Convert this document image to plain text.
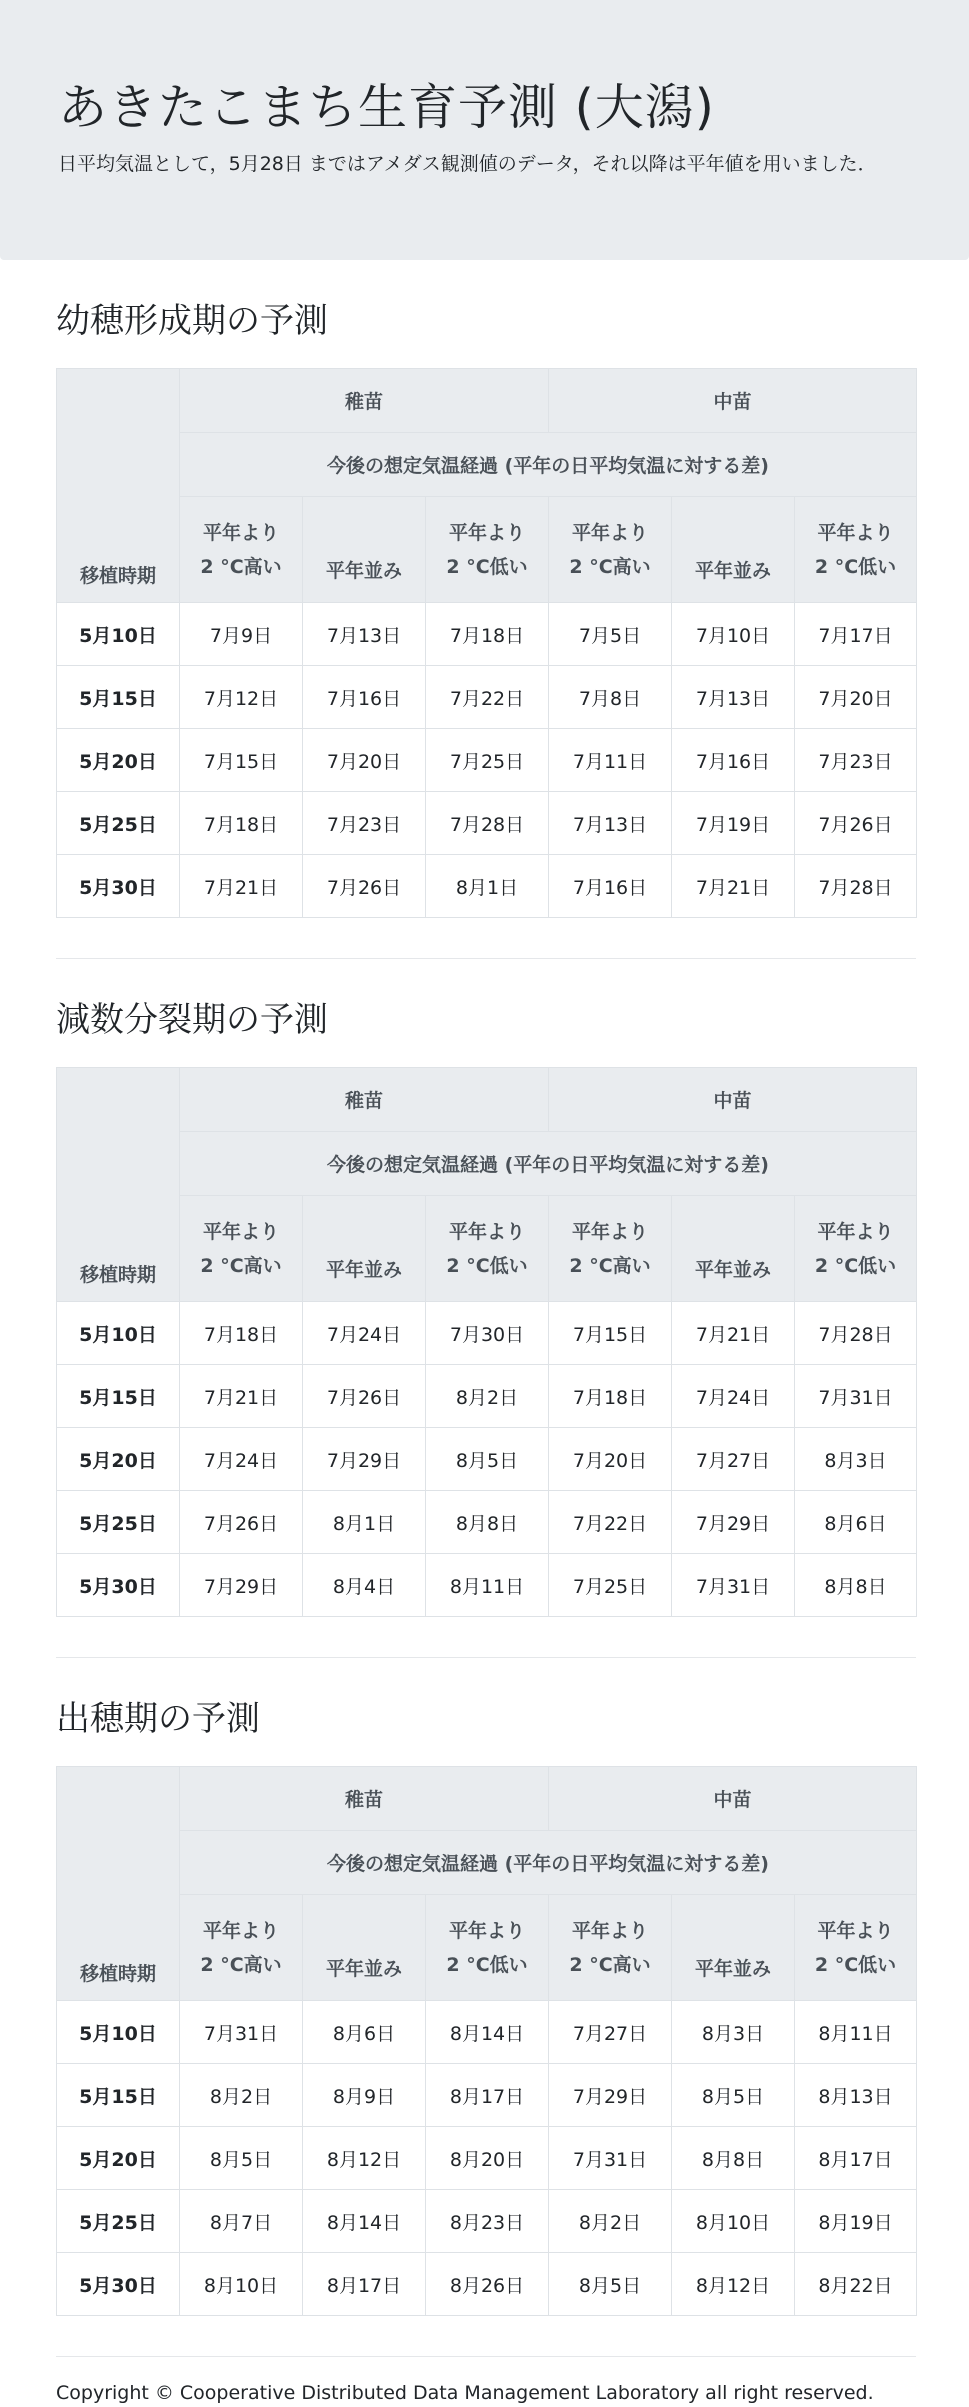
あきたこまち生育予測 (大潟)

日平均気温として，5月28日 まではアメダス観測値のデータ，それ以降は平年値を用いました．

幼穂形成期の予測
移植時期	稚苗			中苗		
	今後の想定気温経過 (平年の日平均気温に対する差)					
	平年より
2 °C高い	平年並み	平年より
2 °C低い	平年より
2 °C高い	平年並み	平年より
2 °C低い
5月10日	7月9日	7月13日	7月18日	7月5日	7月10日	7月17日
5月15日	7月12日	7月16日	7月22日	7月8日	7月13日	7月20日
5月20日	7月15日	7月20日	7月25日	7月11日	7月16日	7月23日
5月25日	7月18日	7月23日	7月28日	7月13日	7月19日	7月26日
5月30日	7月21日	7月26日	8月1日	7月16日	7月21日	7月28日
減数分裂期の予測
移植時期	稚苗			中苗		
	今後の想定気温経過 (平年の日平均気温に対する差)					
	平年より
2 °C高い	平年並み	平年より
2 °C低い	平年より
2 °C高い	平年並み	平年より
2 °C低い
5月10日	7月18日	7月24日	7月30日	7月15日	7月21日	7月28日
5月15日	7月21日	7月26日	8月2日	7月18日	7月24日	7月31日
5月20日	7月24日	7月29日	8月5日	7月20日	7月27日	8月3日
5月25日	7月26日	8月1日	8月8日	7月22日	7月29日	8月6日
5月30日	7月29日	8月4日	8月11日	7月25日	7月31日	8月8日
出穂期の予測
移植時期	稚苗			中苗		
	今後の想定気温経過 (平年の日平均気温に対する差)					
	平年より
2 °C高い	平年並み	平年より
2 °C低い	平年より
2 °C高い	平年並み	平年より
2 °C低い
5月10日	7月31日	8月6日	8月14日	7月27日	8月3日	8月11日
5月15日	8月2日	8月9日	8月17日	7月29日	8月5日	8月13日
5月20日	8月5日	8月12日	8月20日	7月31日	8月8日	8月17日
5月25日	8月7日	8月14日	8月23日	8月2日	8月10日	8月19日
5月30日	8月10日	8月17日	8月26日	8月5日	8月12日	8月22日

Copyright © Cooperative Distributed Data Management Laboratory all right reserved.
